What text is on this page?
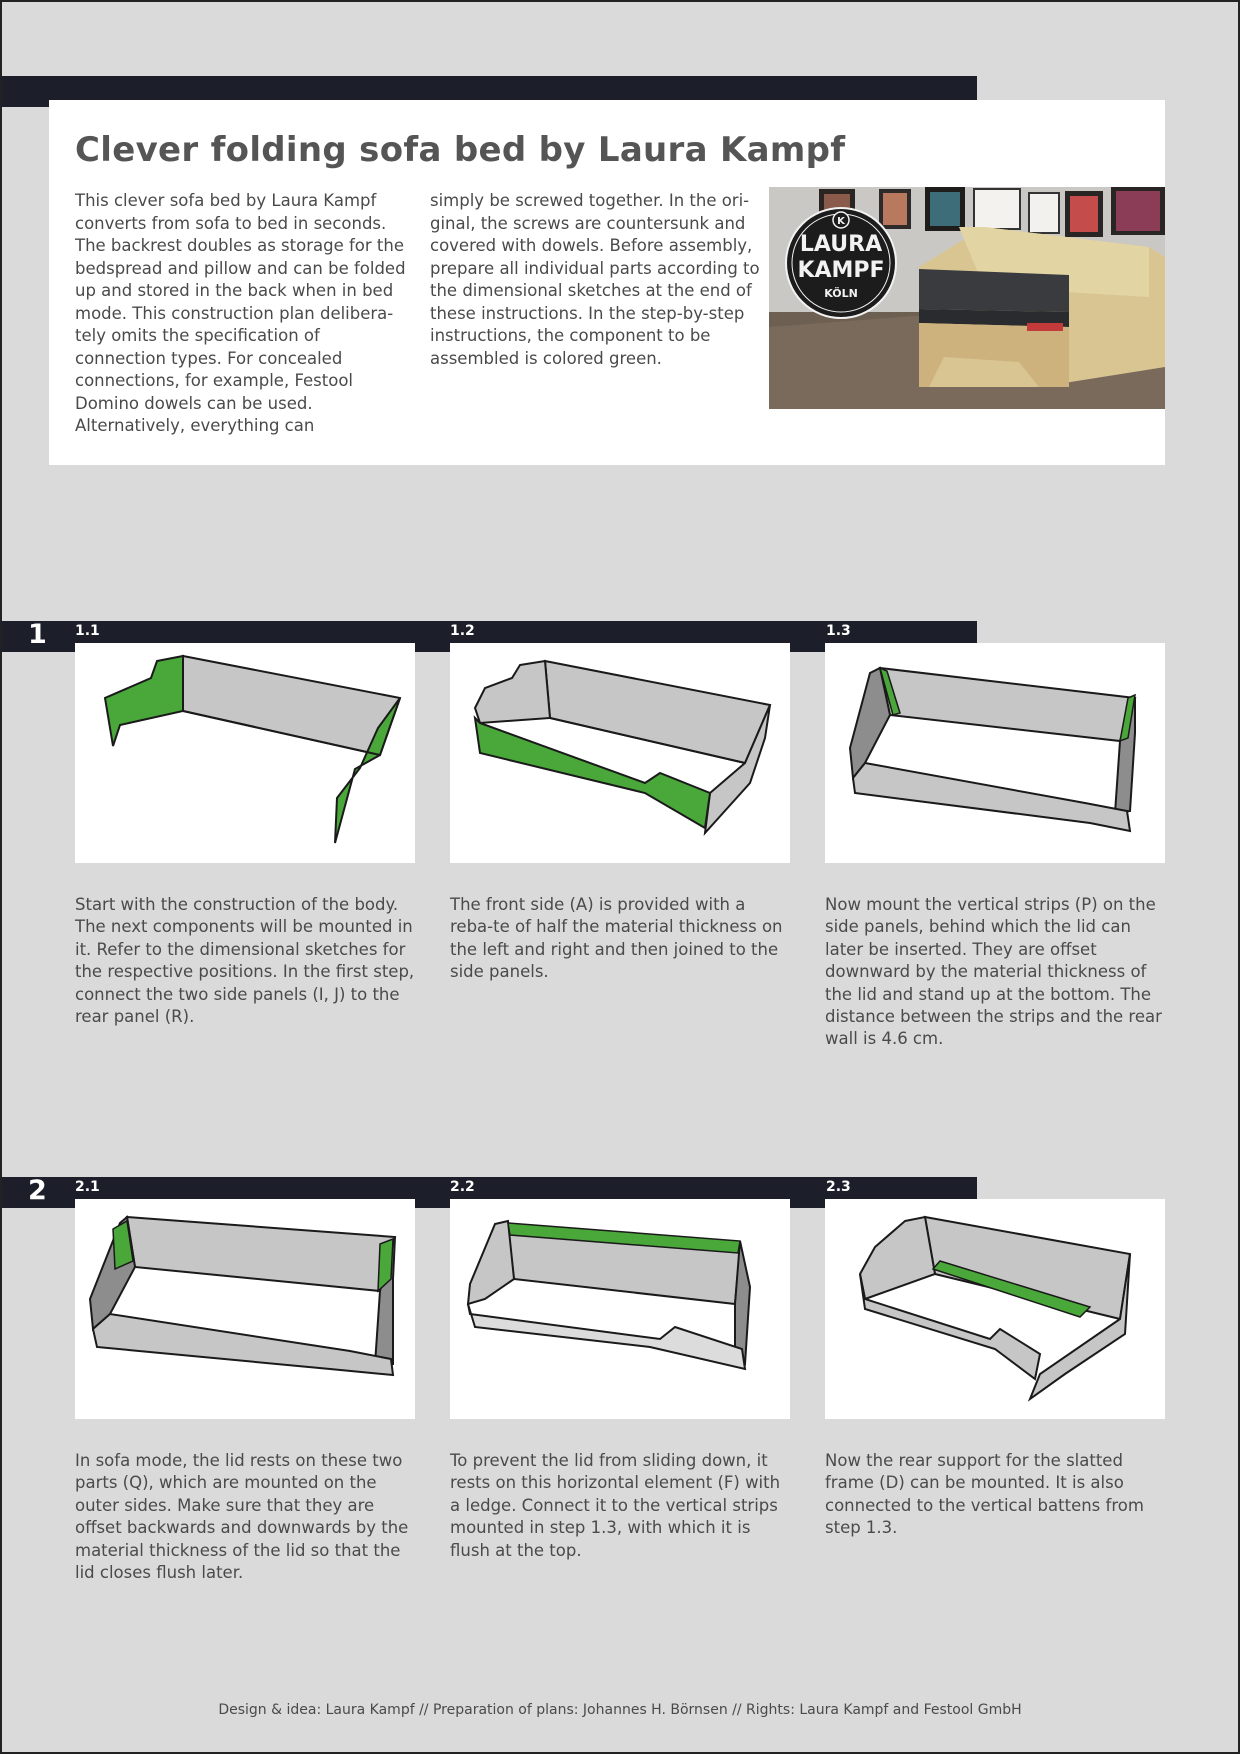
Clever folding sofa bed by Laura Kampf

This clever sofa bed by Laura Kampf converts from sofa to bed in seconds. The backrest doubles as storage for the bedspread and pillow and can be folded up and stored in the back when in bed mode. This construction plan delibera-tely omits the specification of connection types. For concealed connections, for example, Festool Domino dowels can be used. Alternatively, everything can

simply be screwed together. In the ori-ginal, the screws are countersunk and covered with dowels. Before assembly, prepare all individual parts according to the dimensional sketches at the end of these instructions. In the step-by-step instructions, the component to be assembled is colored green.

K
LAURA
KAMPF
KÖLN
1 1.1	1.2	1.3

Start with the construction of the body. The next components will be mounted in it. Refer to the dimensional sketches for the respective positions. In the first step, connect the two side panels (I, J) to the rear panel (R).

The front side (A) is provided with a reba-te of half the material thickness on the left and right and then joined to the side panels.

Now mount the vertical strips (P) on the side panels, behind which the lid can later be inserted. They are offset downward by the material thickness of the lid and stand up at the bottom. The distance between the strips and the rear wall is 4.6 cm.

2 2.1	2.2	2.3

In sofa mode, the lid rests on these two parts (Q), which are mounted on the outer sides. Make sure that they are offset backwards and downwards by the material thickness of the lid so that the lid closes flush later.

To prevent the lid from sliding down, it rests on this horizontal element (F) with a ledge. Connect it to the vertical strips mounted in step 1.3, with which it is flush at the top.

Now the rear support for the slatted frame (D) can be mounted. It is also connected to the vertical battens from step 1.3.

Design & idea: Laura Kampf // Preparation of plans: Johannes H. Börnsen // Rights: Laura Kampf and Festool GmbH
